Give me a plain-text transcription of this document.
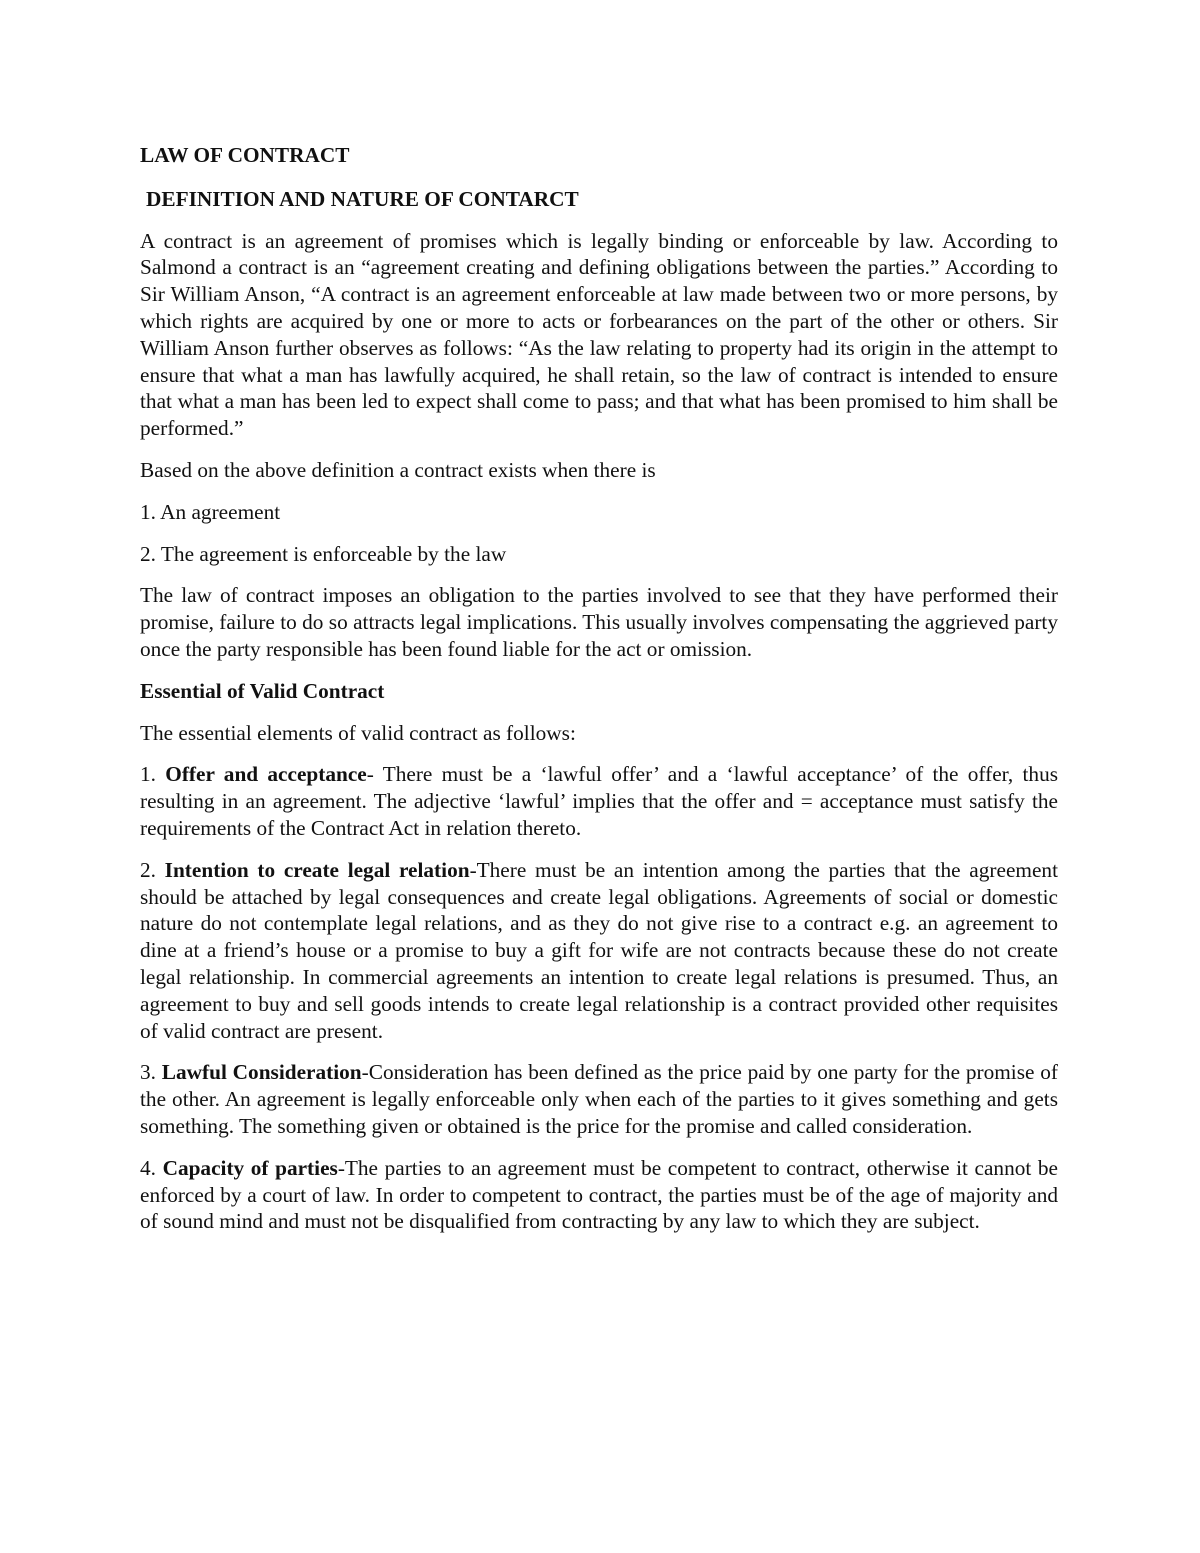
LAW OF CONTRACT
DEFINITION AND NATURE OF CONTARCT
A contract is an agreement of promises which is legally binding or enforceable by law. According to Salmond a contract is an “agreement creating and defining obligations between the parties.” According to Sir William Anson, “A contract is an agreement enforceable at law made between two or more persons, by which rights are acquired by one or more to acts or forbearances on the part of the other or others. Sir William Anson further observes as follows: “As the law relating to property had its origin in the attempt to ensure that what a man has lawfully acquired, he shall retain, so the law of contract is intended to ensure that what a man has been led to expect shall come to pass; and that what has been promised to him shall be performed.”
Based on the above definition a contract exists when there is
1. An agreement
2. The agreement is enforceable by the law
The law of contract imposes an obligation to the parties involved to see that they have performed their promise, failure to do so attracts legal implications. This usually involves compensating the aggrieved party once the party responsible has been found liable for the act or omission.
Essential of Valid Contract
The essential elements of valid contract as follows:
1. Offer and acceptance- There must be a ‘lawful offer’ and a ‘lawful acceptance’ of the offer, thus resulting in an agreement. The adjective ‘lawful’ implies that the offer and = acceptance must satisfy the requirements of the Contract Act in relation thereto.
2. Intention to create legal relation-There must be an intention among the parties that the agreement should be attached by legal consequences and create legal obligations. Agreements of social or domestic nature do not contemplate legal relations, and as they do not give rise to a contract e.g. an agreement to dine at a friend’s house or a promise to buy a gift for wife are not contracts because these do not create legal relationship. In commercial agreements an intention to create legal relations is presumed. Thus, an agreement to buy and sell goods intends to create legal relationship is a contract provided other requisites of valid contract are present.
3. Lawful Consideration-Consideration has been defined as the price paid by one party for the promise of the other. An agreement is legally enforceable only when each of the parties to it gives something and gets something. The something given or obtained is the price for the promise and called consideration.
4. Capacity of parties-The parties to an agreement must be competent to contract, otherwise it cannot be enforced by a court of law. In order to competent to contract, the parties must be of the age of majority and of sound mind and must not be disqualified from contracting by any law to which they are subject.
